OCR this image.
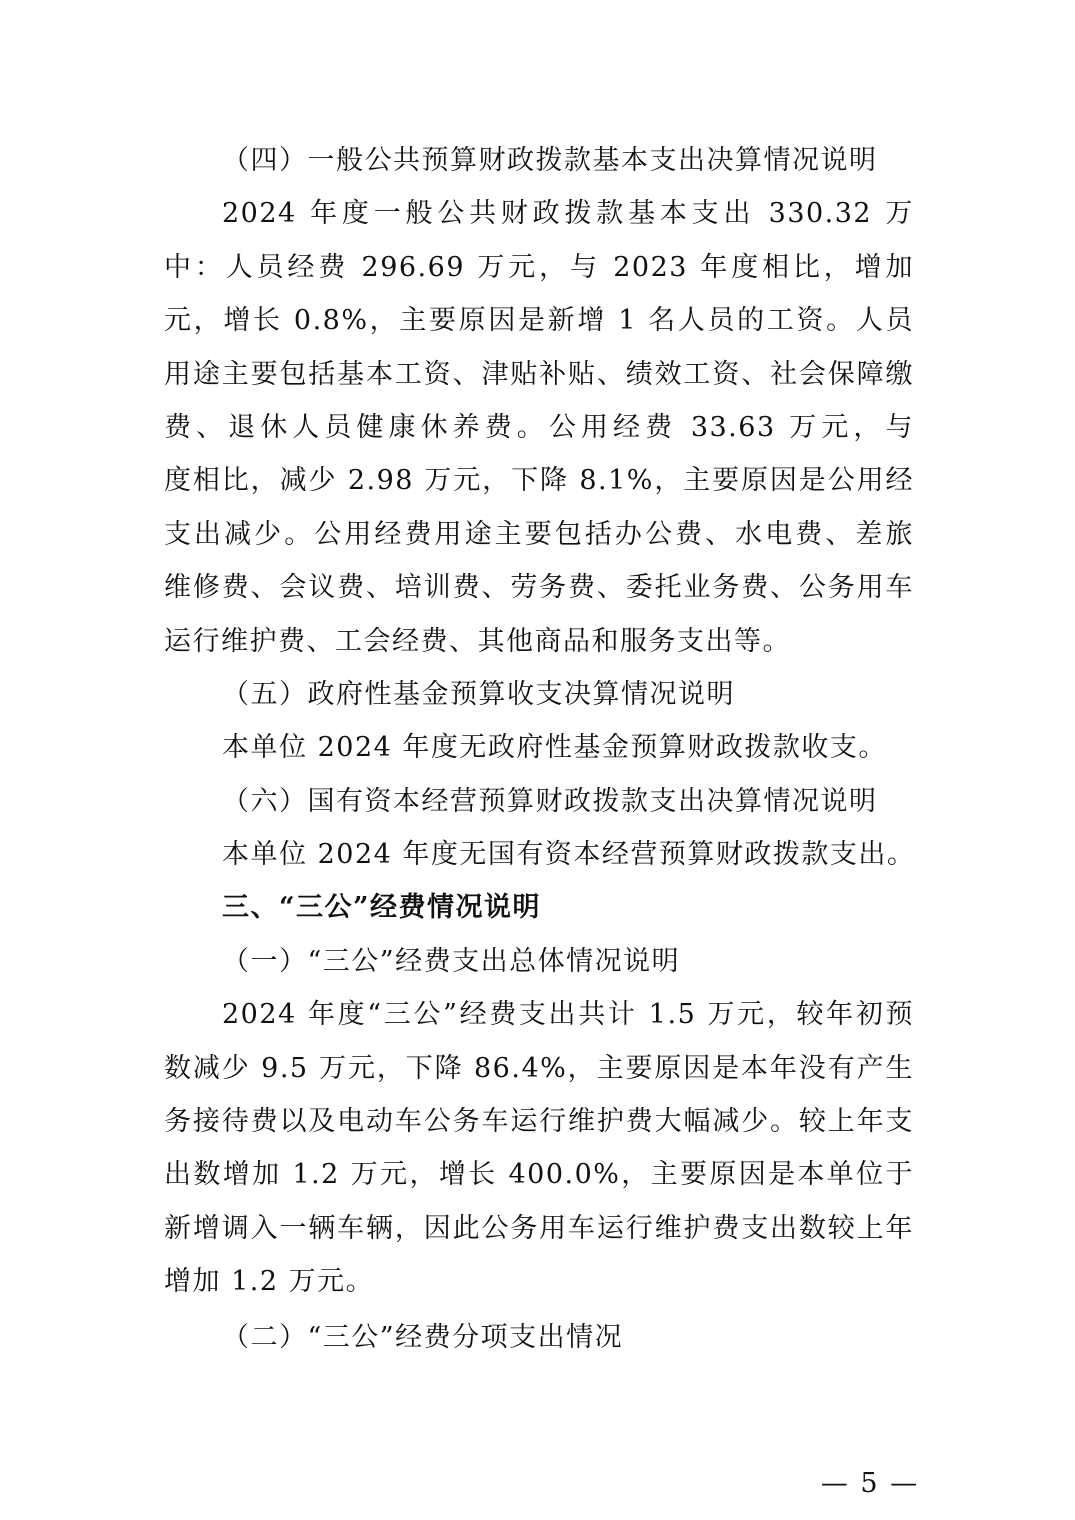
（四）一般公共预算财政拨款基本支出决算情况说明
2024 年度一般公共财政拨款基本支出 330.32 万
中：人员经费 296.69 万元，与 2023 年度相比，增加
元，增长 0.8%，主要原因是新增 1 名人员的工资。人员
用途主要包括基本工资、津贴补贴、绩效工资、社会保障缴
费、退休人员健康休养费。公用经费 33.63 万元，与
度相比，减少 2.98 万元，下降 8.1%，主要原因是公用经
支出减少。公用经费用途主要包括办公费、水电费、差旅
维修费、会议费、培训费、劳务费、委托业务费、公务用车
运行维护费、工会经费、其他商品和服务支出等。
（五）政府性基金预算收支决算情况说明
本单位 2024 年度无政府性基金预算财政拨款收支。
（六）国有资本经营预算财政拨款支出决算情况说明
本单位 2024 年度无国有资本经营预算财政拨款支出。
三、“三公”经费情况说明
（一）“三公”经费支出总体情况说明
2024 年度“三公”经费支出共计 1.5 万元，较年初预
数减少 9.5 万元，下降 86.4%，主要原因是本年没有产生
务接待费以及电动车公务车运行维护费大幅减少。较上年支
出数增加 1.2 万元，增长 400.0%，主要原因是本单位于
新增调入一辆车辆，因此公务用车运行维护费支出数较上年
增加 1.2 万元。
（二）“三公”经费分项支出情况
— 5 —
